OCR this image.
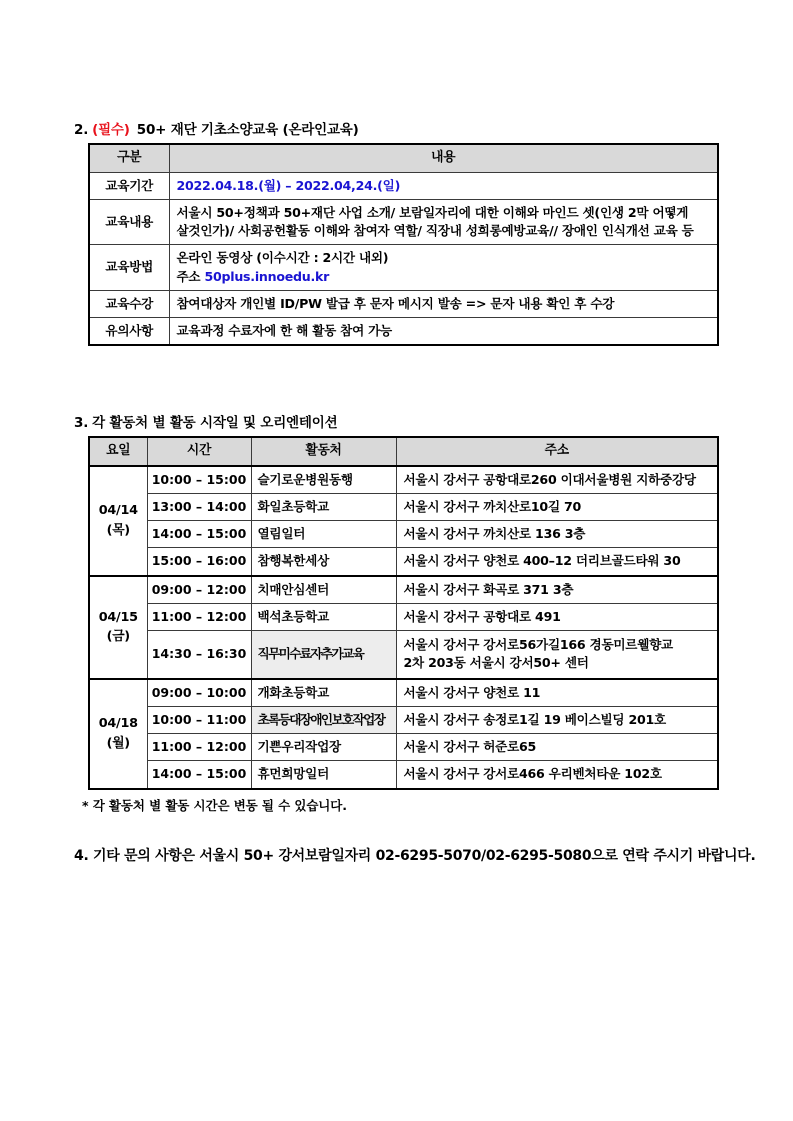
2. (필수) 50+ 재단 기초소양교육 (온라인교육)
구분	내용
교육기간	2022.04.18.(월) – 2022.04,24.(일)
교육내용	서울시 50+정책과 50+재단 사업 소개/ 보람일자리에 대한 이해와 마인드 셋(인생 2막 어떻게
살것인가)/ 사회공헌활동 이해와 참여자 역할/ 직장내 성희롱예방교육// 장애인 인식개선 교육 등

교육방법	온라인 동영상 (이수시간 : 2시간 내외)
주소 50plus.innoedu.kr

교육수강	참여대상자 개인별 ID/PW 발급 후 문자 메시지 발송 => 문자 내용 확인 후 수강
유의사항	교육과정 수료자에 한 해 활동 참여 가능
3. 각 활동처 별 활동 시작일 및 오리엔테이션
요일	시간	활동처	주소

04/14
(목)	10:00 – 15:00	슬기로운병원동행	서울시 강서구 공항대로260 이대서울병원 지하중강당
	13:00 – 14:00	화일초등학교	서울시 강서구 까치산로10길 70
	14:00 – 15:00	열림일터	서울시 강서구 까치산로 136 3층
	15:00 – 16:00	참행복한세상	서울시 강서구 양천로 400–12 더리브골드타워 30

04/15
(금)	09:00 – 12:00	치매안심센터	서울시 강서구 화곡로 371 3층
	11:00 – 12:00	백석초등학교	서울시 강서구 공항대로 491
	14:30 – 16:30	직무미수료자추가교육	서울시 강서구 강서로56가길166 경동미르웰향교
2차 203동 서울시 강서50+ 센터

04/18
(월)	09:00 – 10:00	개화초등학교	서울시 강서구 양천로 11
	10:00 – 11:00	초록등대장애인보호작업장	서울시 강서구 송정로1길 19 베이스빌딩 201호
	11:00 – 12:00	기쁜우리작업장	서울시 강서구 허준로65
	14:00 – 15:00	휴먼희망일터	서울시 강서구 강서로466 우리벤처타운 102호
* 각 활동처 별 활동 시간은 변동 될 수 있습니다.
4. 기타 문의 사항은 서울시 50+ 강서보람일자리 02-6295-5070/02-6295-5080으로 연락 주시기 바랍니다.
